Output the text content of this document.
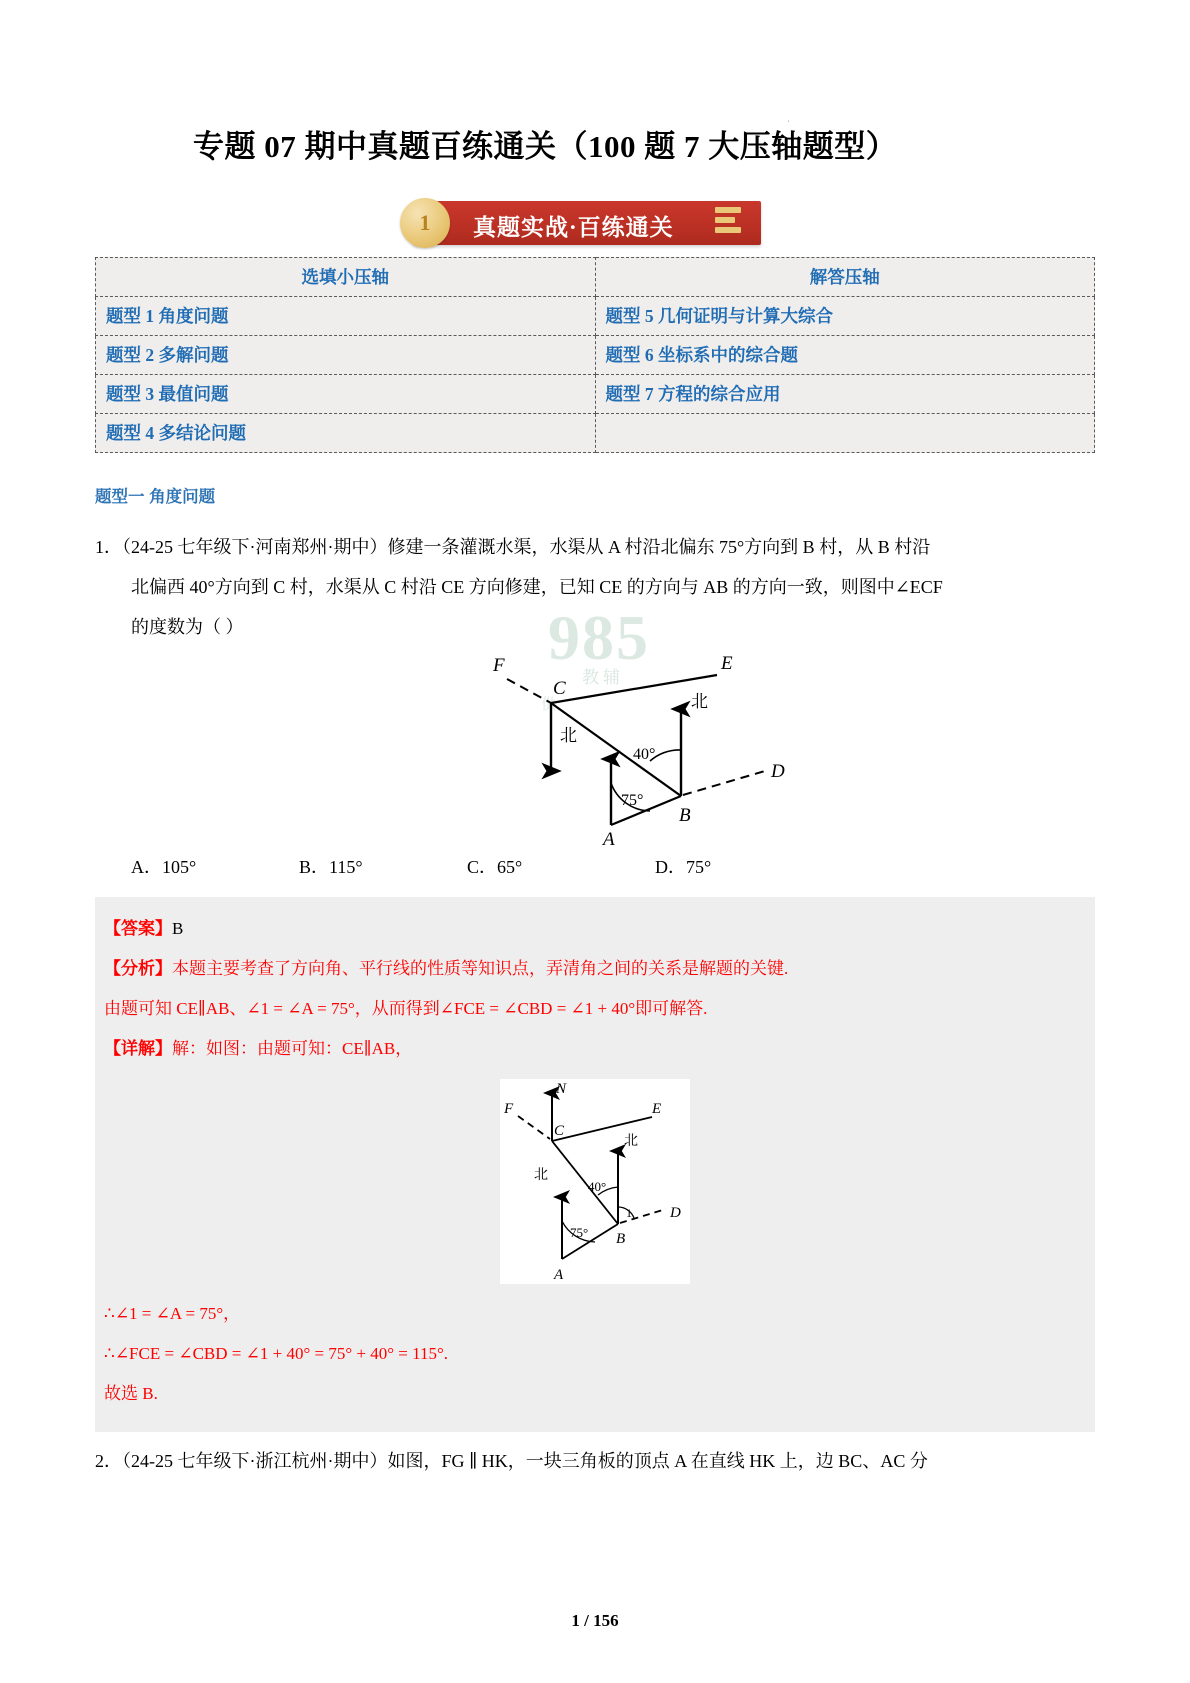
ˌ
专题 07 期中真题百练通关（100 题 7 大压轴题型）
1	真题实战·百练通关
选填小压轴	解答压轴
题型 1 角度问题	题型 5 几何证明与计算大综合
题型 2 多解问题	题型 6 坐标系中的综合题
题型 3 最值问题	题型 7 方程的综合应用
题型 4 多结论问题	
题型一 角度问题
1．（24-25 七年级下·河南郑州·期中）修建一条灌溉水渠，水渠从 A 村沿北偏东 75°方向到 B 村，从 B 村沿
北偏西 40°方向到 C 村，水渠从 C 村沿 CE 方向修建，已知 CE 的方向与 AB 的方向一致，则图中∠ECF
的度数为（ ）	985
教辅
供
F	E
C
D
B
A
北
北
40°
75°
A．105°	B．115°	C．65°	D．75°
【答案】B
【分析】本题主要考查了方向角、平行线的性质等知识点，弄清角之间的关系是解题的关键.
由题可知 CE∥AB、∠1 = ∠A = 75°，从而得到∠FCE = ∠CBD = ∠1 + 40°即可解答.
【详解】解：如图：由题可知：CE∥AB，
N
F	E
C
D
B
A
北
北
40°
75°
1
∴∠1 = ∠A = 75°，
∴∠FCE = ∠CBD = ∠1 + 40° = 75° + 40° = 115°.
故选 B.
2．（24-25 七年级下·浙江杭州·期中）如图，FG ∥ HK，一块三角板的顶点 A 在直线 HK 上，边 BC、AC 分
1 / 156
